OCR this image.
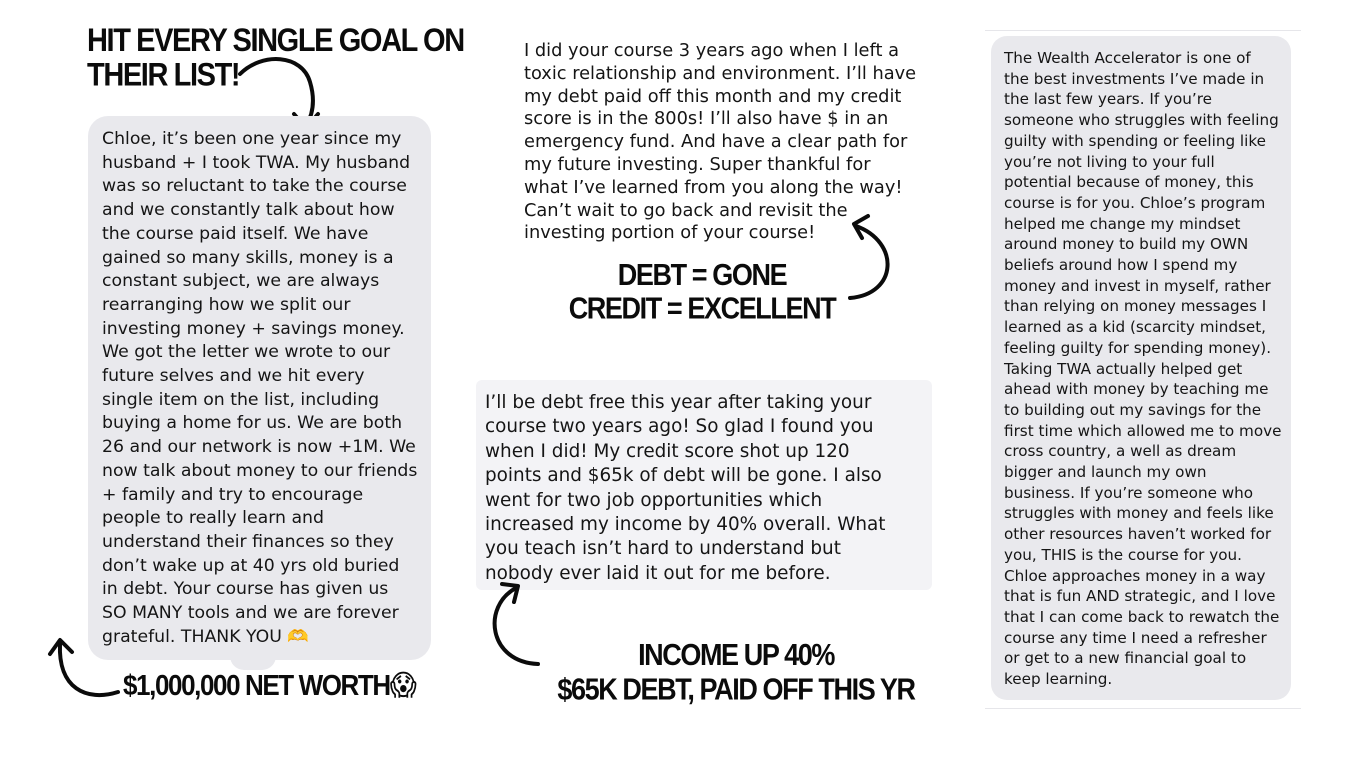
HIT EVERY SINGLE GOAL ON
THEIR LIST!
Chloe, it’s been one year since my
husband + I took TWA. My husband
was so reluctant to take the course
and we constantly talk about how
the course paid itself. We have
gained so many skills, money is a
constant subject, we are always
rearranging how we split our
investing money + savings money.
We got the letter we wrote to our
future selves and we hit every
single item on the list, including
buying a home for us. We are both
26 and our network is now +1M. We
now talk about money to our friends
+ family and try to encourage
people to really learn and
understand their finances so they
don’t wake up at 40 yrs old buried
in debt. Your course has given us
SO MANY tools and we are forever
grateful. THANK YOU 🫶
$1,000,000 NET WORTH😱
I did your course 3 years ago when I left a
toxic relationship and environment. I’ll have
my debt paid off this month and my credit
score is in the 800s! I’ll also have $ in an
emergency fund. And have a clear path for
my future investing. Super thankful for
what I’ve learned from you along the way!
Can’t wait to go back and revisit the
investing portion of your course!
DEBT = GONE
CREDIT = EXCELLENT
I’ll be debt free this year after taking your
course two years ago! So glad I found you
when I did! My credit score shot up 120
points and $65k of debt will be gone. I also
went for two job opportunities which
increased my income by 40% overall. What
you teach isn’t hard to understand but
nobody ever laid it out for me before.
INCOME UP 40%
$65K DEBT, PAID OFF THIS YR
The Wealth Accelerator is one of
the best investments I’ve made in
the last few years. If you’re
someone who struggles with feeling
guilty with spending or feeling like
you’re not living to your full
potential because of money, this
course is for you. Chloe’s program
helped me change my mindset
around money to build my OWN
beliefs around how I spend my
money and invest in myself, rather
than relying on money messages I
learned as a kid (scarcity mindset,
feeling guilty for spending money).
Taking TWA actually helped get
ahead with money by teaching me
to building out my savings for the
first time which allowed me to move
cross country, a well as dream
bigger and launch my own
business. If you’re someone who
struggles with money and feels like
other resources haven’t worked for
you, THIS is the course for you.
Chloe approaches money in a way
that is fun AND strategic, and I love
that I can come back to rewatch the
course any time I need a refresher
or get to a new financial goal to
keep learning.
